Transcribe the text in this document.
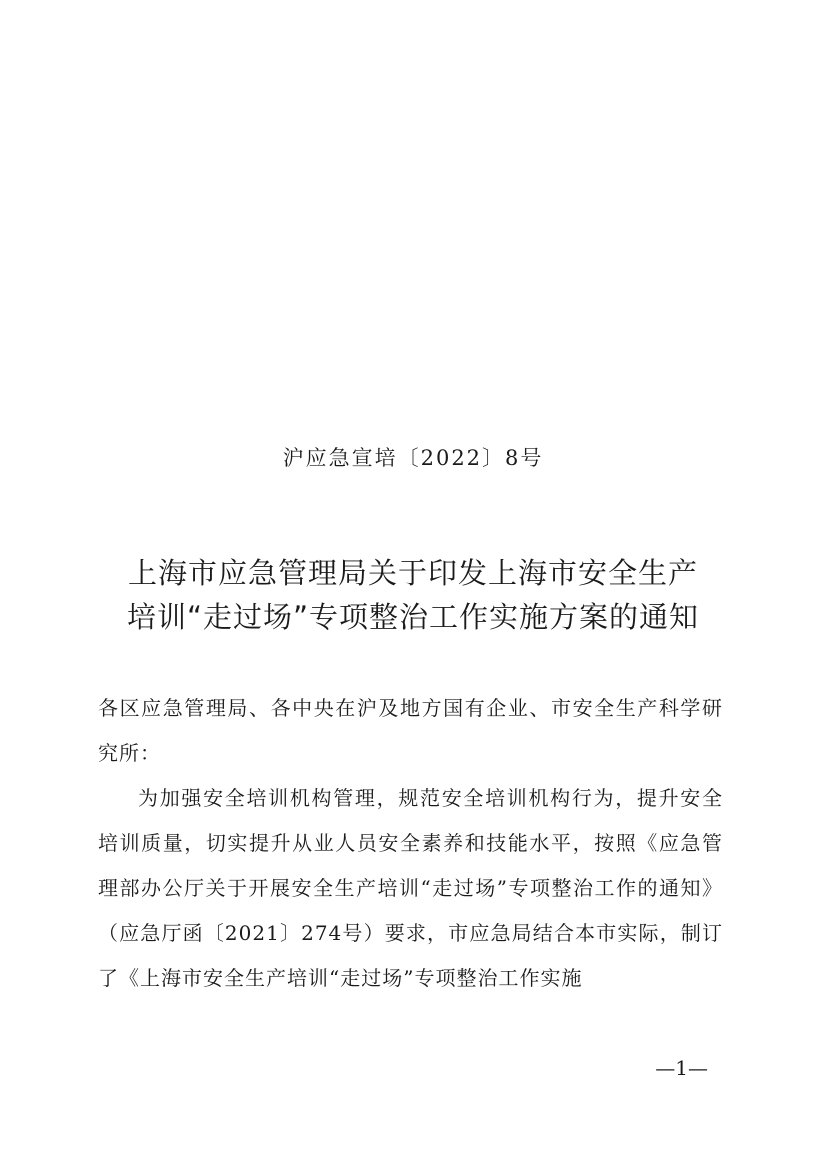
沪应急宣培〔2022〕8号
上海市应急管理局关于印发上海市安全生产
培训“走过场”专项整治工作实施方案的通知

各区应急管理局、各中央在沪及地方国有企业、市安全生产科学研究所：

为加强安全培训机构管理，规范安全培训机构行为，提升安全培训质量，切实提升从业人员安全素养和技能水平，按照《应急管理部办公厅关于开展安全生产培训“走过场”专项整治工作的通知》（应急厅函〔2021〕274号）要求，市应急局结合本市实际，制订了《上海市安全生产培训“走过场”专项整治工作实施

—1—
